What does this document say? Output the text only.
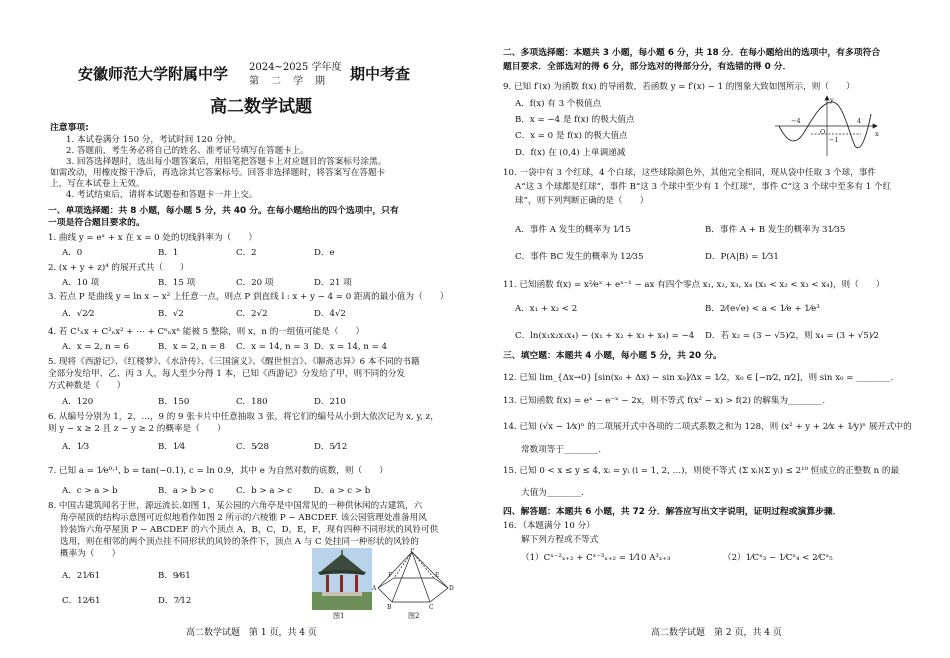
安徽师范大学附属中学 2024~2025 学年度
第　二　学　期 期中考查
高二数学试题
注意事项:
1. 本试卷满分 150 分，考试时间 120 分钟。
2. 答题前，考生务必将自己的姓名、准考证号填写在答题卡上。
3. 回答选择题时，选出每小题答案后，用铅笔把答题卡上对应题目的答案标号涂黑。
如需改动，用橡皮擦干净后，再选涂其它答案标号。回答非选择题时，将答案写在答题卡
上，写在本试卷上无效。
4. 考试结束后，请将本试题卷和答题卡一并上交。
一、单项选择题：共 8 小题，每小题 5 分，共 40 分。在每小题给出的四个选项中，只有
一项是符合题目要求的。
1. 曲线 y = eˣ + x 在 x = 0 处的切线斜率为（　　）
A．0	B．1	C．2	D．e
2. (x + y + z)⁴ 的展开式共（　　）
A．10 项	B．15 项	C．20 项	D．21 项
3. 若点 P 是曲线 y = ln x − x² 上任意一点，则点 P 到直线 l : x + y − 4 = 0 距离的最小值为（　　）
A．√2⁄2	B．√2	C．2√2	D．4√2
4. 若 C¹ₙx + C²ₙx² + ⋯ + Cⁿₙxⁿ 能被 5 整除，则 x，n 的一组值可能是（　　）
A．x = 2, n = 6	B．x = 2, n = 8 C．x = 14, n = 3 D．x = 14, n = 4
5. 现将《西游记》、《红楼梦》、《水浒传》、《三国演义》、《醒世恒言》、《聊斋志异》6 本不同的书籍
全部分发给甲、乙、丙 3 人，每人至少分得 1 本，已知《西游记》分发给了甲，则不同的分发
方式种数是（　　）
A．120	B．150	C．180	D．210
6. 从编号分别为 1，2，…，9 的 9 张卡片中任意抽取 3 张，将它们的编号从小到大依次记为 x, y, z，
则 y − x ≥ 2 且 z − y ≥ 2 的概率是（　　）
A．1⁄3	B．1⁄4	C．5⁄28	D．5⁄12
7. 已知 a = 1⁄e⁰·¹, b = tan(−0.1), c = ln 0.9，其中 e 为自然对数的底数，则（　　）
A．c > a > b	B．a > b > c	C．b > a > c	D．a > c > b
8. 中国古建筑闻名于世，源远流长.如图 1，某公园的六角亭是中国常见的一种供休闲的古建筑，六
角亭屋顶的结构示意图可近似地看作如图 2 所示的六棱锥 P − ABCDEF. 该公园管理处准备用风
铃装饰六角亭屋顶 P − ABCDEF 的六个顶点 A，B，C，D，E，F，现有四种不同形状的风铃可供
选用，则在相邻的两个顶点挂不同形状的风铃的条件下，顶点 A 与 C 处挂同一种形状的风铃的
概率为（　　）
A．21⁄61	B．9⁄61
C．12⁄61	D．7⁄12
图1
P
A
B	C
D
E
F
图2
高二数学试题　第 1 页，共 4 页
二、多项选择题：本题共 3 小题，每小题 6 分，共 18 分．在每小题给出的选项中，有多项符合
题目要求．全部选对的得 6 分，部分选对的得部分分，有选错的得 0 分．
9. 已知 f′(x) 为函数 f(x) 的导函数，若函数 y = f′(x) − 1 的图象大致如图所示，则（　　）
A．f(x) 有 3 个极值点
B．x = −4 是 f(x) 的极大值点
C．x = 0 是 f(x) 的极大值点
D．f(x) 在 (0,4) 上单调递减
y
x
O
−4	4
−1
10. 一袋中有 3 个红球，4 个白球，这些球除颜色外，其他完全相同，现从袋中任取 3 个球，事件
A“这 3 个球都是红球”，事件 B“这 3 个球中至少有 1 个红球”，事件 C“这 3 个球中至多有 1 个红
球”，则下列判断正确的是（　　）
A．事件 A 发生的概率为 1⁄15	B．事件 A + B 发生的概率为 31⁄35
C．事件 BC 发生的概率为 12⁄35	D．P(A|B) = 1⁄31
11. 已知函数 f(x) = x²⁄eˣ + eˣ⁻¹ − ax 有四个零点 x₁, x₂, x₃, x₄ (x₁ < x₂ < x₃ < x₄)，则（　　）
A．x₁ + x₂ < 2	B．2⁄(e√e) < a < 1⁄e + 1⁄e³
C．ln(x₁x₂x₃x₄) − (x₁ + x₂ + x₃ + x₄) = −4 D．若 x₂ = (3 − √5)⁄2，则 x₄ = (3 + √5)⁄2
三、填空题：本题共 4 小题，每小题 5 分，共 20 分。
12. 已知 lim_{Δx→0} [sin(x₀ + Δx) − sin x₀]⁄Δx = 1⁄2，x₀ ∈ [−π⁄2, π⁄2]，则 sin x₀ = ________.
13. 已知函数 f(x) = eˣ − e⁻ˣ − 2x，则不等式 f(x² − x) > f(2) 的解集为________.
14. 已知 (√x − 1⁄x)ⁿ 的二项展开式中各项的二项式系数之和为 128，则 (x² + y + 2⁄x + 1⁄y)ⁿ 展开式中的
常数项等于________.
15. 已知 0 < x ≤ y ≤ 4, xᵢ = yᵢ (i = 1, 2, …)，则使不等式 (Σ xᵢ)(Σ yᵢ) ≤ 2¹⁰ 恒成立的正整数 n 的最
大值为________.
四、解答题：本题共 6 小题，共 72 分．解答应写出文字说明，证明过程或演算步骤．
16．（本题满分 10 分）
解下列方程或不等式
（1）Cˣ⁻²ₓ₊₂ + Cˣ⁻³ₓ₊₂ = 1⁄10 A³ₓ₊₃	（2）1⁄Cˣ₃ − 1⁄Cˣ₄ < 2⁄Cˣ₅
高二数学试题　第 2 页，共 4 页
